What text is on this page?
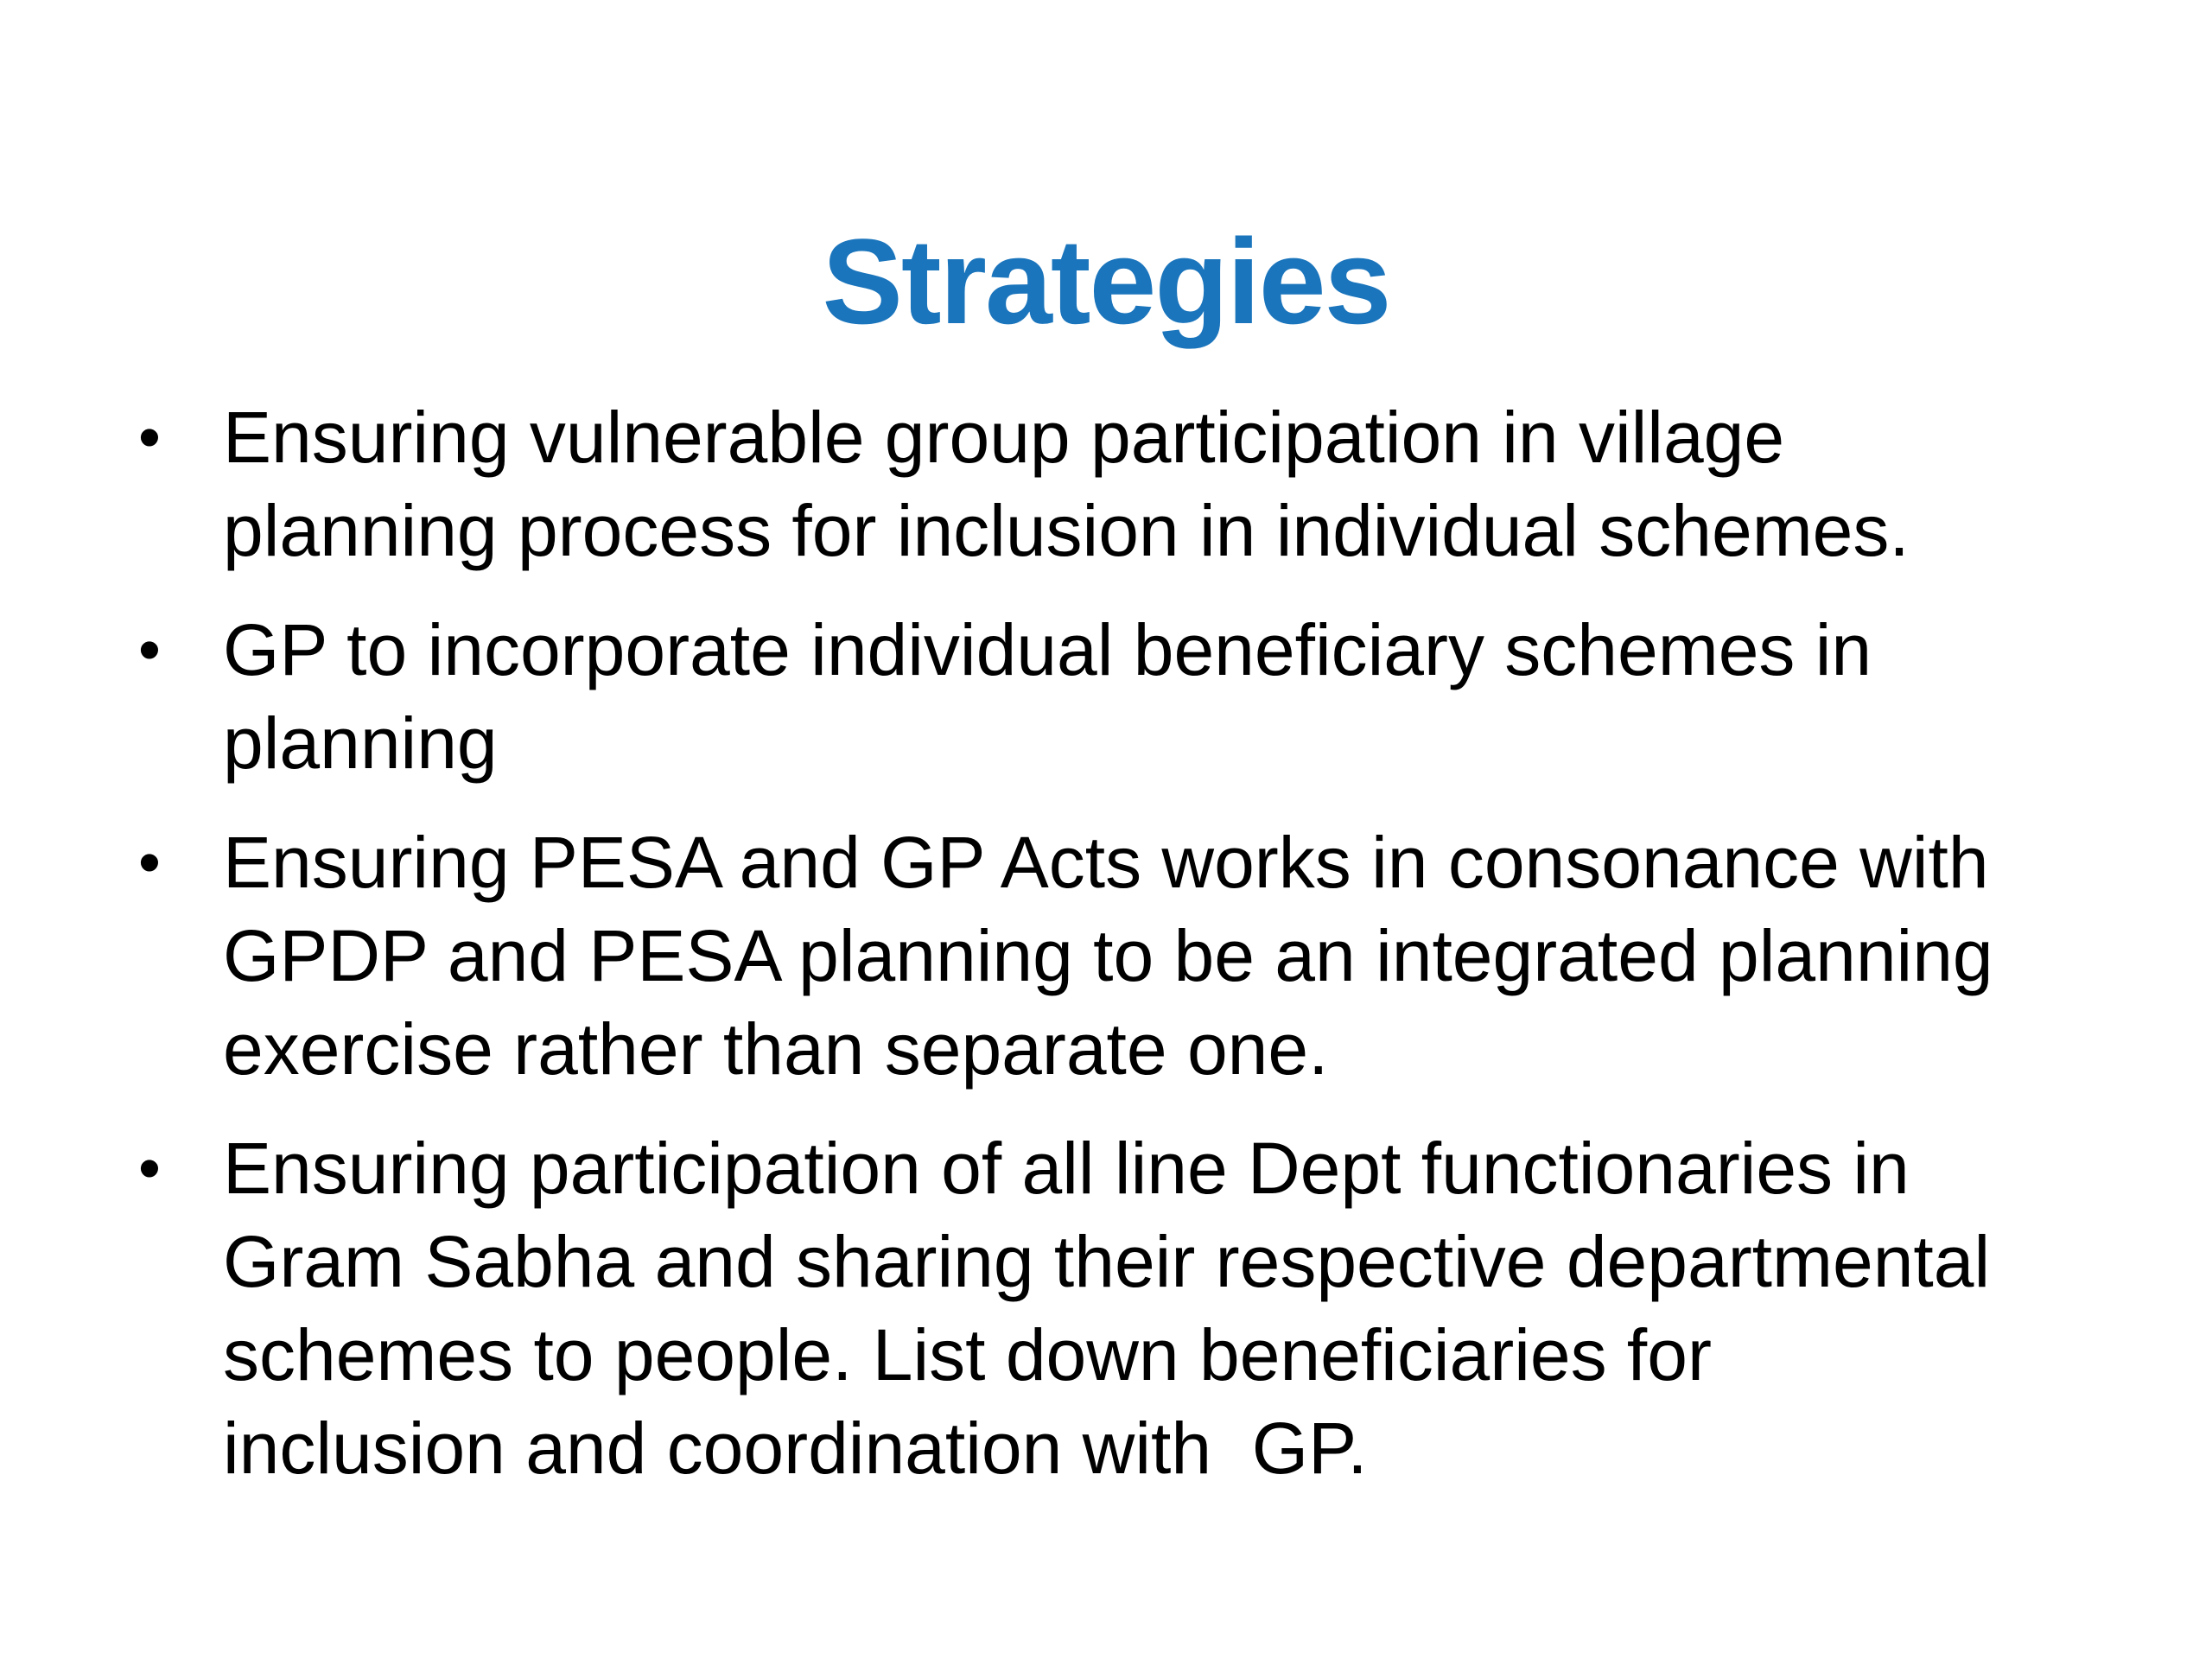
Strategies
• Ensuring vulnerable group participation in village
planning process for inclusion in individual schemes.
• GP to incorporate individual beneficiary schemes in
planning
• Ensuring PESA and GP Acts works in consonance with
GPDP and PESA planning to be an integrated planning
exercise rather than separate one.
• Ensuring participation of all line Dept functionaries in
Gram Sabha and sharing their respective departmental
schemes to people. List down beneficiaries for
inclusion and coordination with  GP.
